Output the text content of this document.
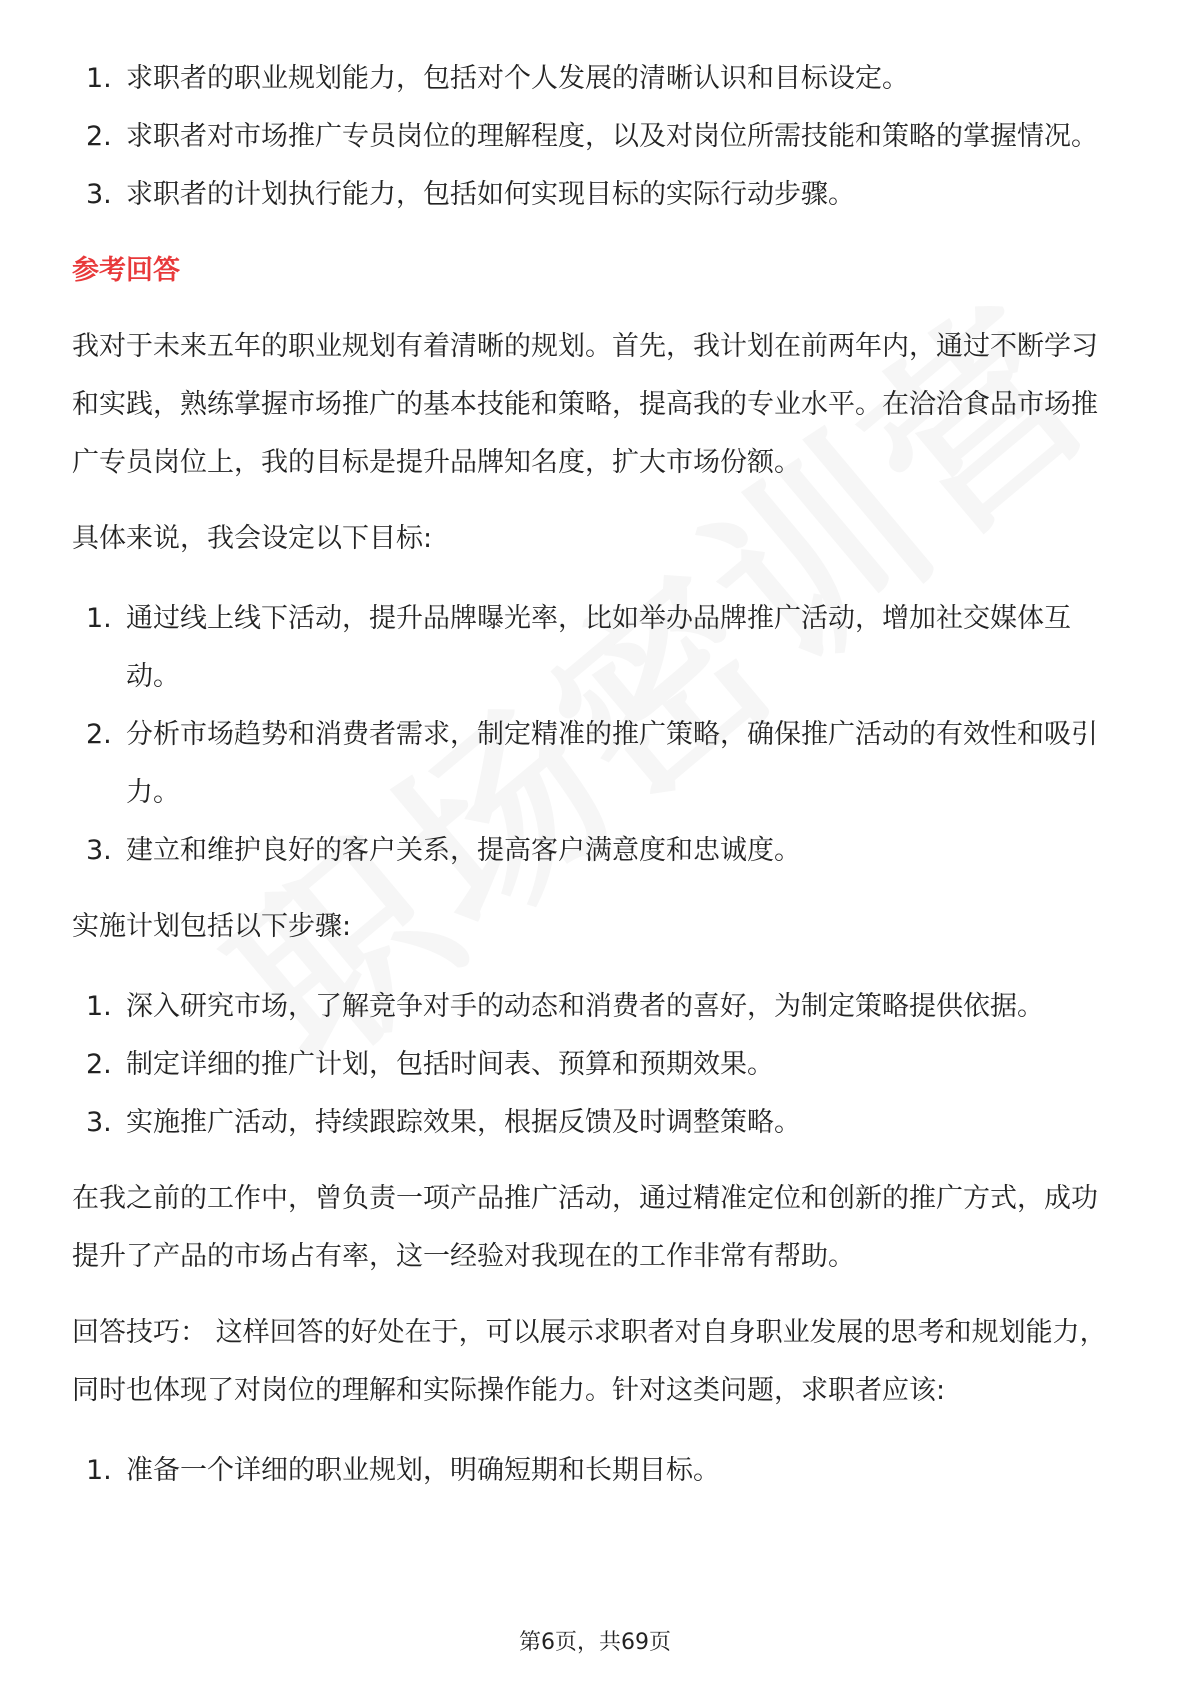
1. 求职者的职业规划能力，包括对个人发展的清晰认识和目标设定。
2. 求职者对市场推广专员岗位的理解程度，以及对岗位所需技能和策略的掌握情况。
3. 求职者的计划执行能力，包括如何实现目标的实际行动步骤。
参考回答
我对于未来五年的职业规划有着清晰的规划。首先，我计划在前两年内，通过不断学习和实践，熟练掌握市场推广的基本技能和策略，提高我的专业水平。在洽洽食品市场推广专员岗位上，我的目标是提升品牌知名度，扩大市场份额。
具体来说，我会设定以下目标:
1. 通过线上线下活动，提升品牌曝光率，比如举办品牌推广活动，增加社交媒体互动。
2. 分析市场趋势和消费者需求，制定精准的推广策略，确保推广活动的有效性和吸引力。
3. 建立和维护良好的客户关系，提高客户满意度和忠诚度。
实施计划包括以下步骤:
1. 深入研究市场，了解竞争对手的动态和消费者的喜好，为制定策略提供依据。
2. 制定详细的推广计划，包括时间表、预算和预期效果。
3. 实施推广活动，持续跟踪效果，根据反馈及时调整策略。
在我之前的工作中，曾负责一项产品推广活动，通过精准定位和创新的推广方式，成功提升了产品的市场占有率，这一经验对我现在的工作非常有帮助。
回答技巧： 这样回答的好处在于，可以展示求职者对自身职业发展的思考和规划能力，同时也体现了对岗位的理解和实际操作能力。针对这类问题，求职者应该:
1. 准备一个详细的职业规划，明确短期和长期目标。
第6页，共69页
